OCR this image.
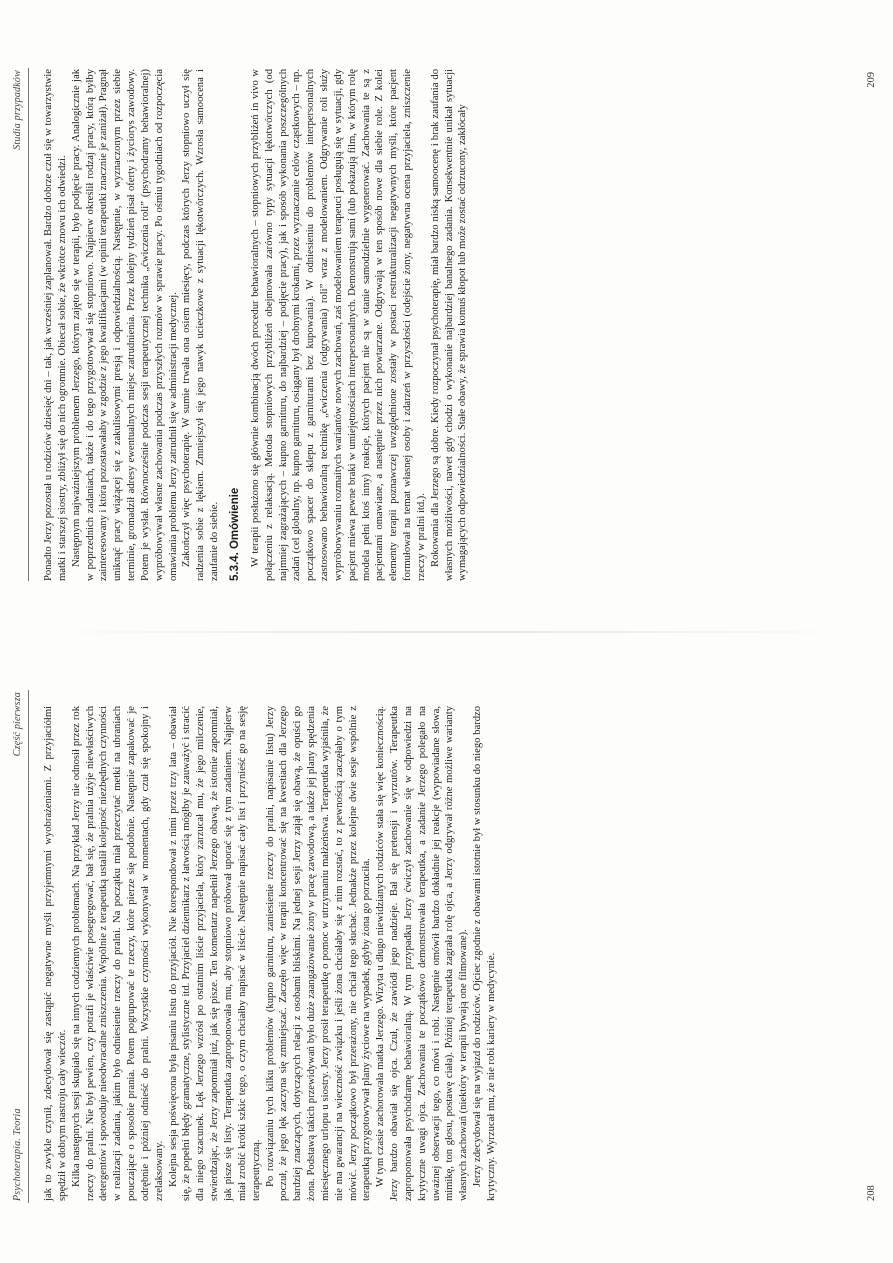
Psychoterapia. Teoria
Część pierwsza jak to zwykle czynił, zdecydował się zastąpić negatywne myśli przyjemnymi wyobrażeniami. Z przyjaciółmi spędził w dobrym nastroju cały wieczór. Kilka następnych sesji skupiało się na innych codziennych problemach. Na przykład Jerzy nie odnosił przez rok rzeczy do pralni. Nie był pewien, czy potrafi je właściwie posegregować, bał się, że pralnia użyje niewłaściwych detergentów i spowoduje nieodwracalne zniszczenia. Wspólnie z terapeutką ustalił kolejność niezbędnych czynności w realizacji zadania, jakim było odniesienie rzeczy do pralni. Na początku miał przeczytać metki na ubraniach pouczające o sposobie prania. Potem pogrupować te rzeczy, które pierze się podobnie. Następnie zapakować je odrębnie i później odnieść do pralni. Wszystkie czynności wykonywał w momentach, gdy czuł się spokojny i zrelaksowany. Kolejna sesja poświęcona była pisaniu listu do przyjaciół. Nie korespondował z nimi przez trzy lata – obawiał się, że popełni błędy gramatyczne, stylistyczne itd. Przyjaciel dziennikarz z łatwością mógłby je zauważyć i stracić dla niego szacunek. Lęk Jerzego wzrósł po ostatnim liście przyjaciela, który zarzucał mu, że jego milczenie, stwierdzając, że Jerzy zapomniał już, jak się pisze. Ten komentarz napełnił Jerzego obawą, że istotnie zapomniał, jak pisze się listy. Terapeutka zaproponowała mu, aby stopniowo próbował uporać się z tym zadaniem. Najpierw miał zrobić krótki szkic tego, o czym chciałby napisać w liście. Następnie napisać cały list i przynieść go na sesję terapeutyczną. Po rozwiązaniu tych kilku problemów (kupno garnituru, zaniesienie rzeczy do pralni, napisanie listu) Jerzy poczuł, że jego lęk zaczyna się zmniejszać. Zaczęło więc w terapii koncentrować się na kwestiach dla Jerzego bardziej znaczących, dotyczących relacji z osobami bliskimi. Na jednej sesji Jerzy zajął się obawą, że opuści go żona. Podstawą takich przewidywań było duże zaangażowanie żony w pracę zawodową, a także jej plany spędzenia miesięcznego urlopu u siostry. Jerzy prosił terapeutkę o pomoc w utrzymaniu małżeństwa. Terapeutka wyjaśniła, że nie ma gwarancji na wieczność związku i jeśli żona chciałaby się z nim rozstać, to z pewnością zaczęłaby o tym mówić. Jerzy początkowo był przerażony, nie chciał tego słuchać. Jednakże przez kolejne dwie sesje wspólnie z terapeutką przygotowywał plany życiowe na wypadek, gdyby żona go porzuciła. W tym czasie zachorowała matka Jerzego. Wizyta u długo niewidzianych rodziców stała się więc koniecznością. Jerzy bardzo obawiał się ojca. Czuł, że zawiódł jego nadzieje. Bał się pretensji i wyrzutów. Terapeutka zaproponowała psychodramę behawioralną. W tym przypadku Jerzy ćwiczył zachowanie się w odpowiedzi na krytyczne uwagi ojca. Zachowania te początkowo demonstrowała terapeutka, a zadanie Jerzego polegało na uważnej obserwacji tego, co mówi i robi. Następnie omówił bardzo dokładnie jej reakcje (wypowiadane słowa, mimikę, ton głosu, postawę ciała). Później terapeutka zagrała rolę ojca, a Jerzy odgrywał różne możliwe warianty własnych zachowań (niektóry w terapii bywają one filmowane). Jerzy zdecydował się na wyjazd do rodziców. Ojciec zgodnie z obawami istotnie był w stosunku do niego bardzo krytyczny. Wyrzucał mu, że nie robi kariery w medycynie.	208
Studia przypadków Ponadto Jerzy pozostał u rodziców dziesięć dni – tak, jak wcześniej zaplanował. Bardzo dobrze czuł się w towarzystwie matki i starszej siostry, zbliżył się do nich ogromnie. Obiecał sobie, że wkrótce znowu ich odwiedzi. Następnym najważniejszym problemem Jerzego, którym zajęto się w terapii, było podjęcie pracy. Analogicznie jak w poprzednich zadaniach, także i do tego przygotowywał się stopniowo. Najpierw określił rodzaj pracy, którą byłby zainteresowany i która pozostawałaby w zgodzie z jego kwalifikacjami (w opinii terapeutki znacznie je zaniżał). Pragnął uniknąć pracy wiążącej się z zakulisowymi presją i odpowiedzialnością. Następnie, w wyznaczonym przez siebie terminie, gromadził adresy ewentualnych miejsc zatrudnienia. Przez kolejny tydzień pisał oferty i życiorys zawodowy. Potem je wysłał. Równocześnie podczas sesji terapeutycznej technika „ćwiczenia roli” (psychodramy behawioralnej) wypróbowywał własne zachowania podczas przyszłych rozmów w sprawie pracy. Po ośmiu tygodniach od rozpoczęcia omawiania problemu Jerzy zatrudnił się w administracji medycznej. Zakończył więc psychoterapię. W sumie trwała ona osiem miesięcy, podczas których Jerzy stopniowo uczył się radzenia sobie z lękiem. Zmniejszył się jego nawyk ucieczkowe z sytuacji lękotwórczych. Wzrosła samoocena i zaufanie do siebie. 5.3.4. Omówienie W terapii posłużono się głównie kombinacją dwóch procedur behawioralnych – stopniowych przybliżeń in vivo w połączeniu z relaksacją. Metoda stopniowych przybliżeń obejmowała zarówno typy sytuacji lękotwórczych (od najmniej zagrażających – kupno garnituru, do najbardziej – podjęcie pracy), jak i sposób wykonania poszczególnych zadań (cel globalny, np. kupno garnituru, osiągany był drobnymi krokami, przez wyznaczanie celów cząstkowych – np. początkowo spacer do sklepu z garniturami bez kupowania). W odniesieniu do problemów interpersonalnych zastosowano behawioralną technikę „ćwiczenia (odgrywania) roli” wraz z modelowaniem. Odgrywanie roli służy wypróbowywaniu rozmaitych wariantów nowych zachowań, zaś modelowaniem terapeuci posługują się w sytuacji, gdy pacjent miewa pewne braki w umiejętnościach interpersonalnych. Demonstrują sami (lub pokazują film, w którym rolę modela pełni ktoś inny) reakcje, których pacjent nie są w stanie samodzielnie wygenerować. Zachowania te są z pacjentami omawiane, a następnie przez nich powtarzane. Odgrywają w ten sposób nowe dla siebie role. Z kolei elementy terapii poznawczej uwzględnione zostały w postaci restrukturalizacji negatywnych myśli, które pacjent formułował na temat własnej osoby i zdarzeń w przyszłości (odejście żony, negatywna ocena przyjaciela, zniszczenie rzeczy w pralni itd.). Rokowania dla Jerzego są dobre. Kiedy rozpoczynał psychoterapię, miał bardzo niską samoocenę i brak zaufania do własnych możliwości, nawet gdy chodzi o wykonanie najbardziej banalnego zadania. Konsekwentnie unikał sytuacji wymagających odpowiedzialności. Stałe obawy, że sprawia komuś kłopot lub może zostać odrzucony, zakłócały

209
